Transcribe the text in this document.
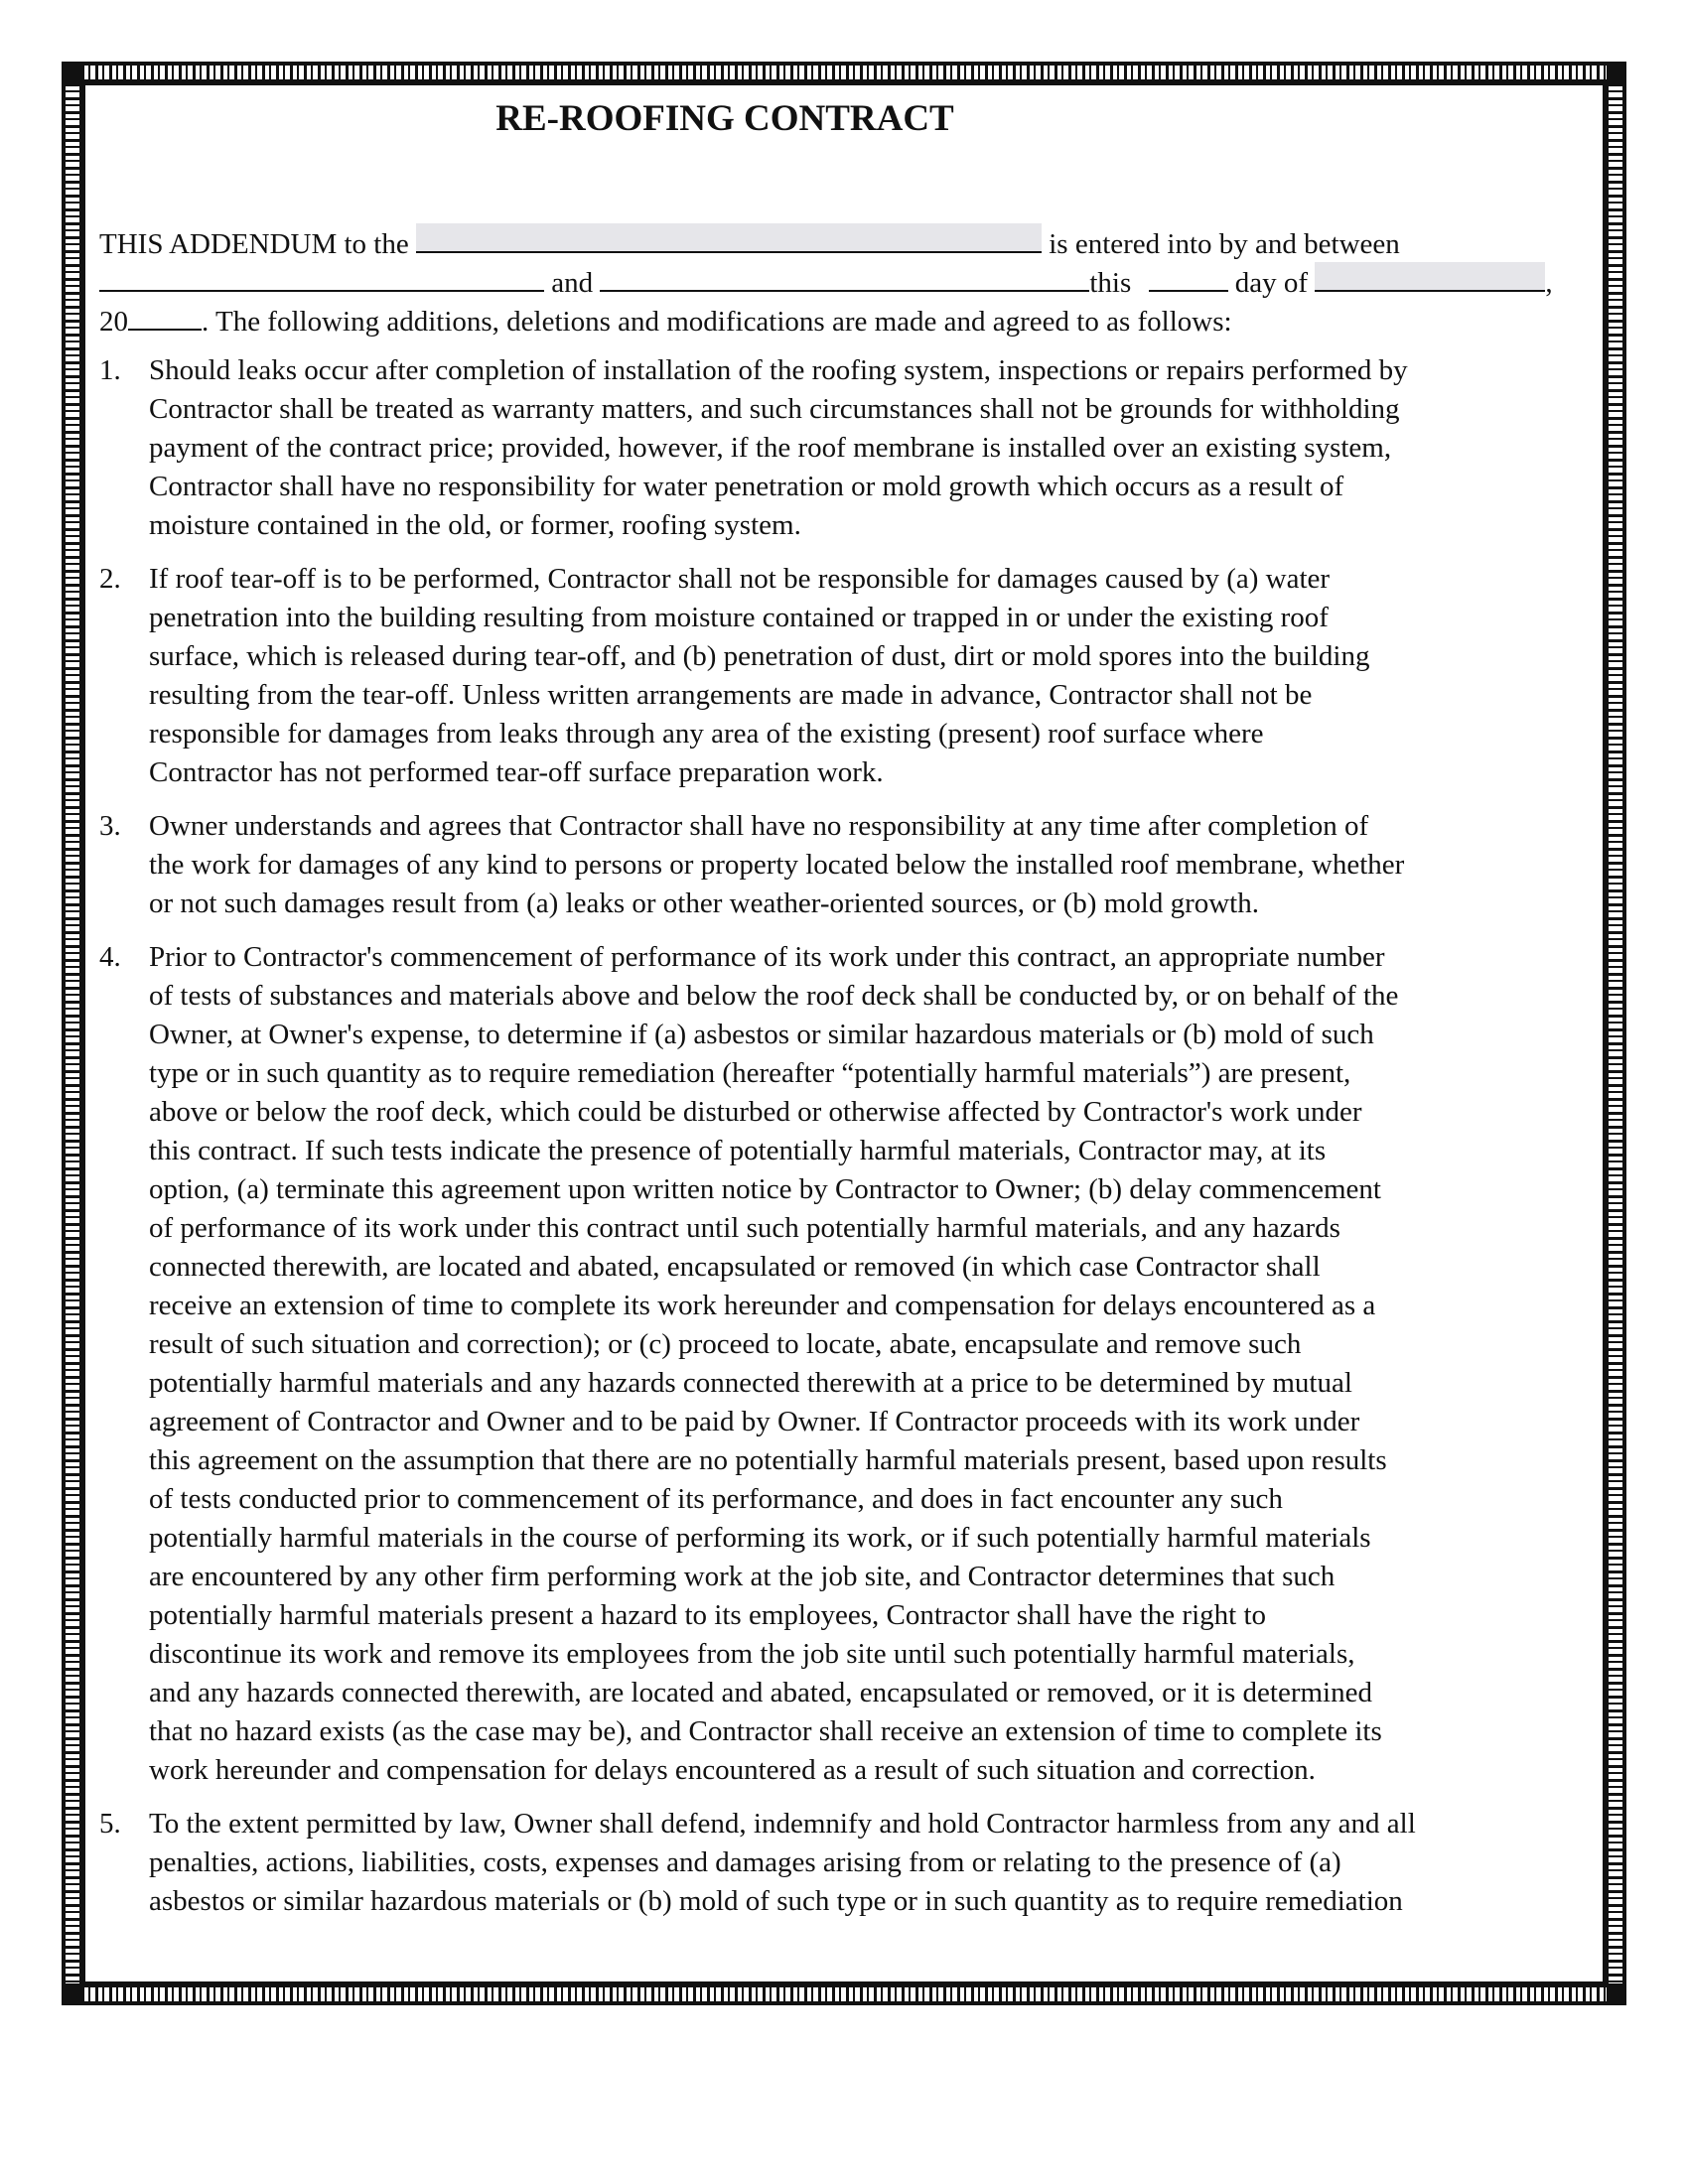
RE-ROOFING CONTRACT
THIS ADDENDUM to the	is entered into by and between
and	this	day of	,
20	. The following additions, deletions and modifications are made and agreed to as follows:
1. Should leaks occur after completion of installation of the roofing system, inspections or repairs performed by
Contractor shall be treated as warranty matters, and such circumstances shall not be grounds for withholding
payment of the contract price; provided, however, if the roof membrane is installed over an existing system,
Contractor shall have no responsibility for water penetration or mold growth which occurs as a result of
moisture contained in the old, or former, roofing system.
2. If roof tear-off is to be performed, Contractor shall not be responsible for damages caused by (a) water
penetration into the building resulting from moisture contained or trapped in or under the existing roof
surface, which is released during tear-off, and (b) penetration of dust, dirt or mold spores into the building
resulting from the tear-off. Unless written arrangements are made in advance, Contractor shall not be
responsible for damages from leaks through any area of the existing (present) roof surface where
Contractor has not performed tear-off surface preparation work.
3. Owner understands and agrees that Contractor shall have no responsibility at any time after completion of
the work for damages of any kind to persons or property located below the installed roof membrane, whether
or not such damages result from (a) leaks or other weather-oriented sources, or (b) mold growth.
4. Prior to Contractor's commencement of performance of its work under this contract, an appropriate number
of tests of substances and materials above and below the roof deck shall be conducted by, or on behalf of the
Owner, at Owner's expense, to determine if (a) asbestos or similar hazardous materials or (b) mold of such
type or in such quantity as to require remediation (hereafter “potentially harmful materials”) are present,
above or below the roof deck, which could be disturbed or otherwise affected by Contractor's work under
this contract. If such tests indicate the presence of potentially harmful materials, Contractor may, at its
option, (a) terminate this agreement upon written notice by Contractor to Owner; (b) delay commencement
of performance of its work under this contract until such potentially harmful materials, and any hazards
connected therewith, are located and abated, encapsulated or removed (in which case Contractor shall
receive an extension of time to complete its work hereunder and compensation for delays encountered as a
result of such situation and correction); or (c) proceed to locate, abate, encapsulate and remove such
potentially harmful materials and any hazards connected therewith at a price to be determined by mutual
agreement of Contractor and Owner and to be paid by Owner. If Contractor proceeds with its work under
this agreement on the assumption that there are no potentially harmful materials present, based upon results
of tests conducted prior to commencement of its performance, and does in fact encounter any such
potentially harmful materials in the course of performing its work, or if such potentially harmful materials
are encountered by any other firm performing work at the job site, and Contractor determines that such
potentially harmful materials present a hazard to its employees, Contractor shall have the right to
discontinue its work and remove its employees from the job site until such potentially harmful materials,
and any hazards connected therewith, are located and abated, encapsulated or removed, or it is determined
that no hazard exists (as the case may be), and Contractor shall receive an extension of time to complete its
work hereunder and compensation for delays encountered as a result of such situation and correction.
5. To the extent permitted by law, Owner shall defend, indemnify and hold Contractor harmless from any and all
penalties, actions, liabilities, costs, expenses and damages arising from or relating to the presence of (a)
asbestos or similar hazardous materials or (b) mold of such type or in such quantity as to require remediation
